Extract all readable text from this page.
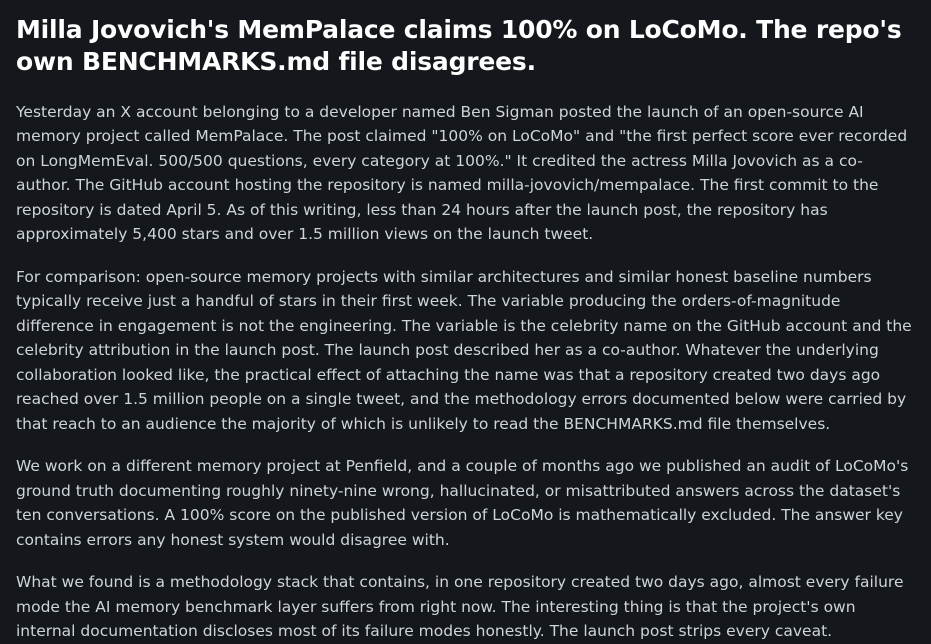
Milla Jovovich's MemPalace claims 100% on LoCoMo. The repo's own BENCHMARKS.md file disagrees.

Yesterday an X account belonging to a developer named Ben Sigman posted the launch of an open-source AI memory project called MemPalace. The post claimed "100% on LoCoMo" and "the first perfect score ever recorded on LongMemEval. 500/500 questions, every category at 100%." It credited the actress Milla Jovovich as a co-author. The GitHub account hosting the repository is named milla-jovovich/mempalace. The first commit to the repository is dated April 5. As of this writing, less than 24 hours after the launch post, the repository has approximately 5,400 stars and over 1.5 million views on the launch tweet.

For comparison: open-source memory projects with similar architectures and similar honest baseline numbers typically receive just a handful of stars in their first week. The variable producing the orders-of-magnitude difference in engagement is not the engineering. The variable is the celebrity name on the GitHub account and the celebrity attribution in the launch post. The launch post described her as a co-author. Whatever the underlying collaboration looked like, the practical effect of attaching the name was that a repository created two days ago reached over 1.5 million people on a single tweet, and the methodology errors documented below were carried by that reach to an audience the majority of which is unlikely to read the BENCHMARKS.md file themselves.

We work on a different memory project at Penfield, and a couple of months ago we published an audit of LoCoMo's ground truth documenting roughly ninety-nine wrong, hallucinated, or misattributed answers across the dataset's ten conversations. A 100% score on the published version of LoCoMo is mathematically excluded. The answer key contains errors any honest system would disagree with.

What we found is a methodology stack that contains, in one repository created two days ago, almost every failure mode the AI memory benchmark layer suffers from right now. The interesting thing is that the project's own internal documentation discloses most of its failure modes honestly. The launch post strips every caveat.
